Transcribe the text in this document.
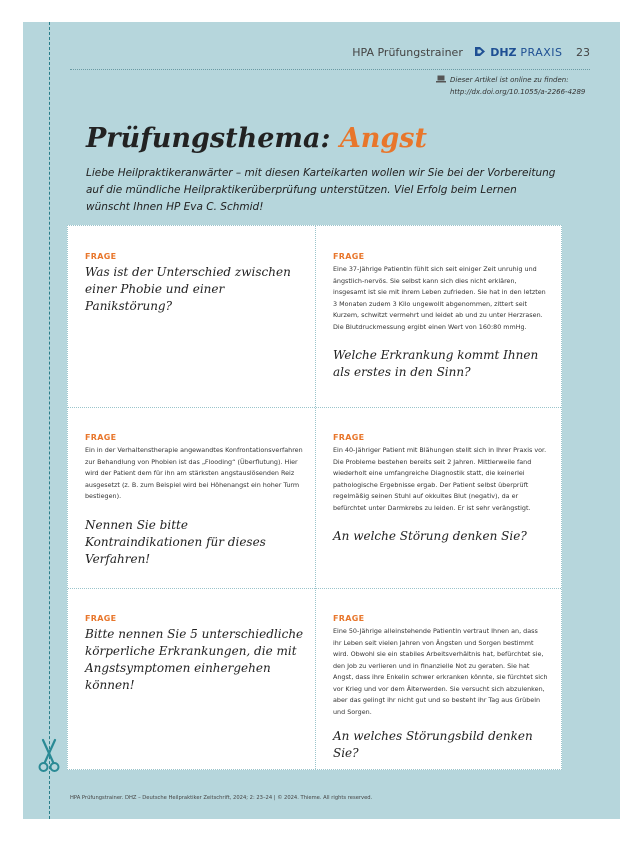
HPA Prüfungstrainer DHZ PRAXIS 23
Dieser Artikel ist online zu finden:
http://dx.doi.org/10.1055/a-2266-4289
Prüfungsthema: Angst
Liebe Heilpraktikeranwärter – mit diesen Karteikarten wollen wir Sie bei der Vorbereitung auf die mündliche Heilpraktikerüberprüfung unterstützen. Viel Erfolg beim Lernen wünscht Ihnen HP Eva C. Schmid!
FRAGE
Was ist der Unterschied zwischen einer Phobie und einer Panikstörung?
FRAGE
Eine 37-Jährige PatientIn fühlt sich seit einiger Zeit unruhig und ängstlich-nervös. Sie selbst kann sich dies nicht erklären, insgesamt ist sie mit ihrem Leben zufrieden. Sie hat in den letzten 3 Monaten zudem 3 Kilo ungewollt abgenommen, zittert seit Kurzem, schwitzt vermehrt und leidet ab und zu unter Herzrasen. Die Blutdruckmessung ergibt einen Wert von 160:80 mmHg.
Welche Erkrankung kommt Ihnen als erstes in den Sinn?
FRAGE
Ein in der Verhaltenstherapie angewandtes Konfrontationsverfahren zur Behandlung von Phobien ist das „Flooding“ (Überflutung). Hier wird der Patient dem für ihn am stärksten angstauslösenden Reiz ausgesetzt (z. B. zum Beispiel wird bei Höhenangst ein hoher Turm bestiegen).
Nennen Sie bitte Kontraindikationen für dieses Verfahren!
FRAGE
Ein 40-Jähriger Patient mit Blähungen stellt sich in Ihrer Praxis vor. Die Probleme bestehen bereits seit 2 Jahren. Mittlerweile fand wiederholt eine umfangreiche Diagnostik statt, die keinerlei pathologische Ergebnisse ergab. Der Patient selbst überprüft regelmäßig seinen Stuhl auf okkultes Blut (negativ), da er befürchtet unter Darmkrebs zu leiden. Er ist sehr verängstigt.
An welche Störung denken Sie?
FRAGE
Bitte nennen Sie 5 unterschiedliche körperliche Erkrankungen, die mit Angstsymptomen einhergehen können!
FRAGE
Eine 50-Jährige alleinstehende PatientIn vertraut Ihnen an, dass ihr Leben seit vielen Jahren von Ängsten und Sorgen bestimmt wird. Obwohl sie ein stabiles Arbeitsverhältnis hat, befürchtet sie, den Job zu verlieren und in finanzielle Not zu geraten. Sie hat Angst, dass ihre Enkelin schwer erkranken könnte, sie fürchtet sich vor Krieg und vor dem Älterwerden. Sie versucht sich abzulenken, aber das gelingt ihr nicht gut und so besteht ihr Tag aus Grübeln und Sorgen.
An welches Störungsbild denken Sie?
HPA Prüfungstrainer. DHZ – Deutsche Heilpraktiker Zeitschrift, 2024; 2: 23–24 | © 2024. Thieme. All rights reserved.
